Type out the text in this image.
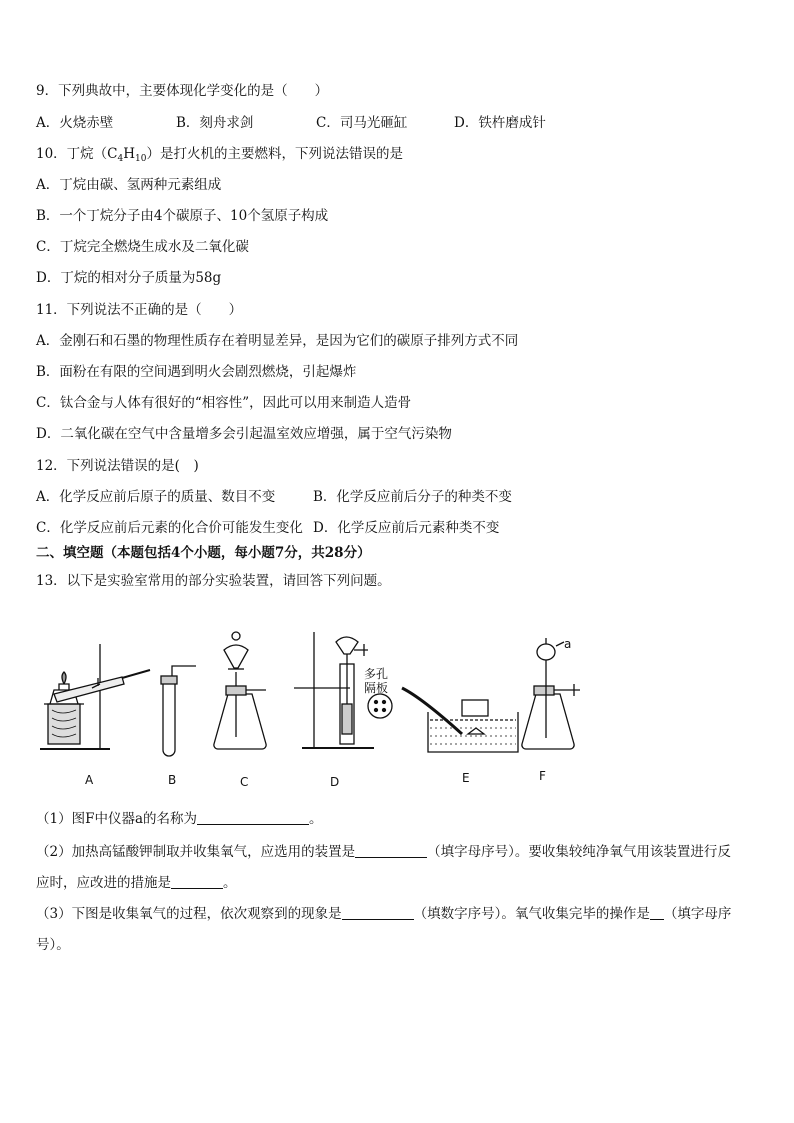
9．下列典故中，主要体现化学变化的是（　　）
A．火烧赤壁	B．刻舟求剑	C．司马光砸缸	D．铁杵磨成针
10．丁烷$(C_4H_{10})$是打火机的主要燃料，下列说法错误的是
A．丁烷由碳、氢两种元素组成
B．一个丁烷分子由4个碳原子、10个氢原子构成
C．丁烷完全燃烧生成水及二氧化碳
D．丁烷的相对分子质量为58g
11．下列说法不正确的是（　　）
A．金刚石和石墨的物理性质存在着明显差异，是因为它们的碳原子排列方式不同
B．面粉在有限的空间遇到明火会剧烈燃烧，引起爆炸
C．钛合金与人体有很好的“相容性”，因此可以用来制造人造骨
D．二氧化碳在空气中含量增多会引起温室效应增强，属于空气污染物
12．下列说法错误的是(　)
A．化学反应前后原子的质量、数目不变	B．化学反应前后分子的种类不变
C．化学反应前后元素的化合价可能发生变化 D．化学反应前后元素种类不变
二、填空题（本题包括4个小题，每小题7分，共28分）
13．以下是实验室常用的部分实验装置，请回答下列问题。
A	B	C	D	E	F
多孔
隔板
a
（1）图F中仪器a的名称为	。
（2）加热高锰酸钾制取并收集氧气，应选用的装置是	（填字母序号）。要收集较纯净氧气用该装置进行反
应时，应改进的措施是	。
（3）下图是收集氧气的过程，依次观察到的现象是	（填数字序号）。氧气收集完毕的操作是 （填字母序
号）。
